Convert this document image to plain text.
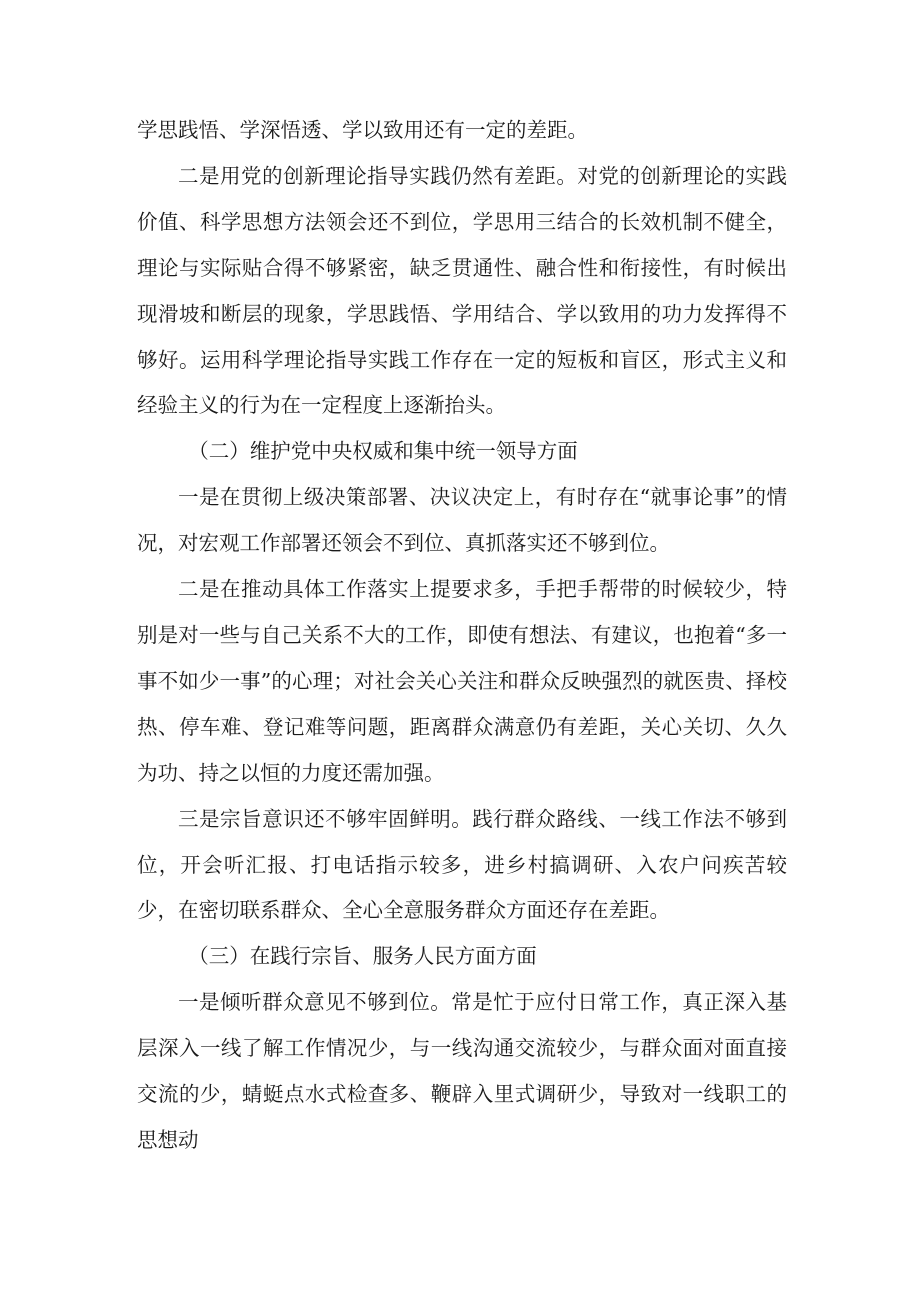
学思践悟、学深悟透、学以致用还有一定的差距。

二是用党的创新理论指导实践仍然有差距。对党的创新理论的实践价值、科学思想方法领会还不到位，学思用三结合的长效机制不健全，理论与实际贴合得不够紧密，缺乏贯通性、融合性和衔接性，有时候出现滑坡和断层的现象，学思践悟、学用结合、学以致用的功力发挥得不够好。运用科学理论指导实践工作存在一定的短板和盲区，形式主义和经验主义的行为在一定程度上逐渐抬头。

（二）维护党中央权威和集中统一领导方面

一是在贯彻上级决策部署、决议决定上，有时存在“就事论事”的情况，对宏观工作部署还领会不到位、真抓落实还不够到位。

二是在推动具体工作落实上提要求多，手把手帮带的时候较少，特别是对一些与自己关系不大的工作，即使有想法、有建议，也抱着“多一事不如少一事”的心理；对社会关心关注和群众反映强烈的就医贵、择校热、停车难、登记难等问题，距离群众满意仍有差距，关心关切、久久为功、持之以恒的力度还需加强。

三是宗旨意识还不够牢固鲜明。践行群众路线、一线工作法不够到位，开会听汇报、打电话指示较多，进乡村搞调研、入农户问疾苦较少，在密切联系群众、全心全意服务群众方面还存在差距。

（三）在践行宗旨、服务人民方面方面

一是倾听群众意见不够到位。常是忙于应付日常工作，真正深入基层深入一线了解工作情况少，与一线沟通交流较少，与群众面对面直接交流的少，蜻蜓点水式检查多、鞭辟入里式调研少，导致对一线职工的思想动
